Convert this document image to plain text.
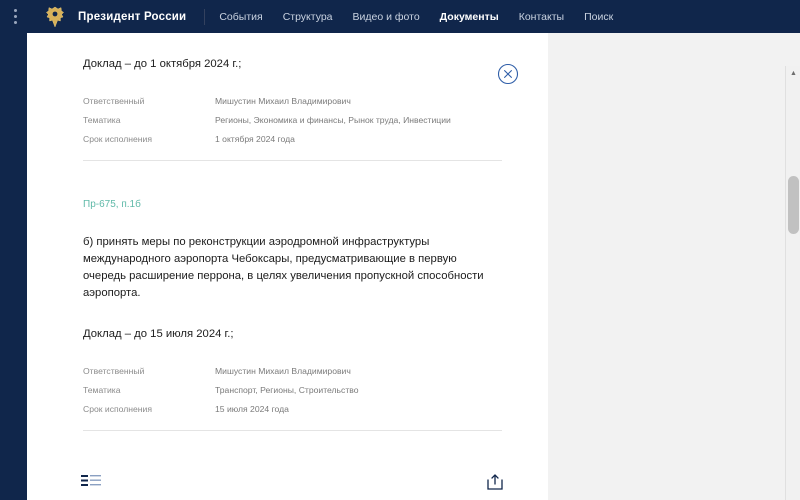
Президент России	События Структура Видео и фото Документы Контакты Поиск
Доклад – до 1 октября 2024 г.;
Ответственный	Мишустин Михаил Владимирович
Тематика	Регионы, Экономика и финансы, Рынок труда, Инвестиции
Срок исполнения	1 октября 2024 года
Пр-675, п.1б
б) принять меры по реконструкции аэродромной инфраструктуры международного аэропорта Чебоксары, предусматривающие в первую очередь расширение перрона, в целях увеличения пропускной способности аэропорта.
Доклад – до 15 июля 2024 г.;
Ответственный	Мишустин Михаил Владимирович
Тематика	Транспорт, Регионы, Строительство
Срок исполнения	15 июля 2024 года
▲
